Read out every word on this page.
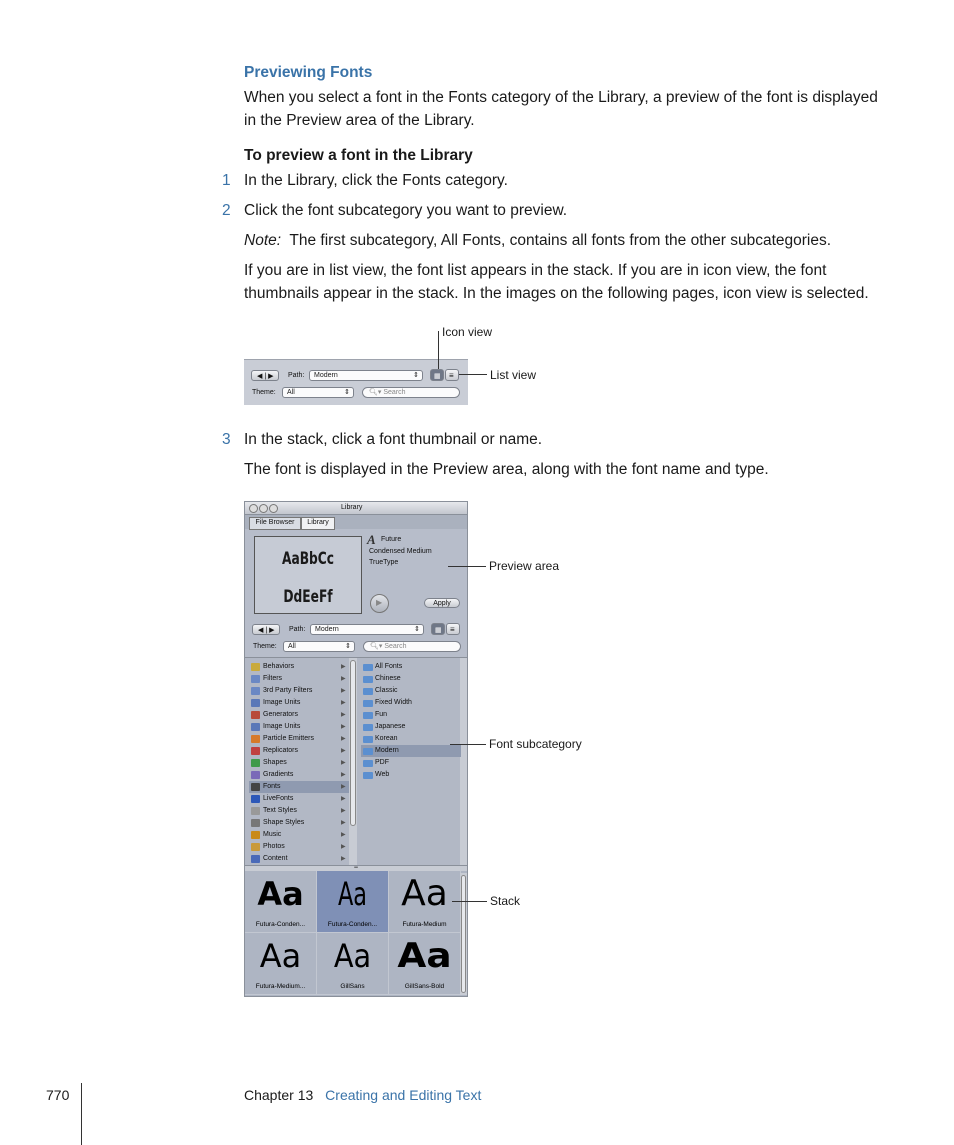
Previewing Fonts
When you select a font in the Fonts category of the Library, a preview of the font is displayed in the Preview area of the Library.
To preview a font in the Library
1 In the Library, click the Fonts category.
2 Click the font subcategory you want to preview.
Note: The first subcategory, All Fonts, contains all fonts from the other subcategories.
If you are in list view, the font list appears in the stack. If you are in icon view, the font thumbnails appear in the stack. In the images on the following pages, icon view is selected.
◀ | ▶ Path:	Modern	⇕ ▦ ≡
Theme:	All	⇕	🔍︎▾ Search
Icon view
List view
3 In the stack, click a font thumbnail or name.
The font is displayed in the Preview area, along with the font name and type.
Library
File Browser	Library
AaBbCc
DdEeFf
A Future
Condensed Medium
TrueType
▶	Apply
◀ | ▶ Path:	Modern	⇕ ▦ ≡
Theme:	All	⇕	🔍︎▾ Search
Behaviors	▶
Filters	▶
3rd Party Filters	▶
Image Units	▶
Generators	▶
Image Units	▶
Particle Emitters	▶
Replicators	▶
Shapes	▶
Gradients	▶
Fonts	▶
LiveFonts	▶
Text Styles	▶
Shape Styles	▶
Music	▶
Photos	▶
Content	▶
All Fonts
Chinese
Classic
Fixed Width
Fun
Japanese
Korean
Modern
PDF
Web
═
Aa
Futura-Conden...
Aa
Futura-Conden...
Aa
Futura-Medium
Aa
Futura-Medium...
Aa
GillSans
Aa
GillSans-Bold
Preview area
Font subcategory
Stack
770	Chapter 13 Creating and Editing Text
